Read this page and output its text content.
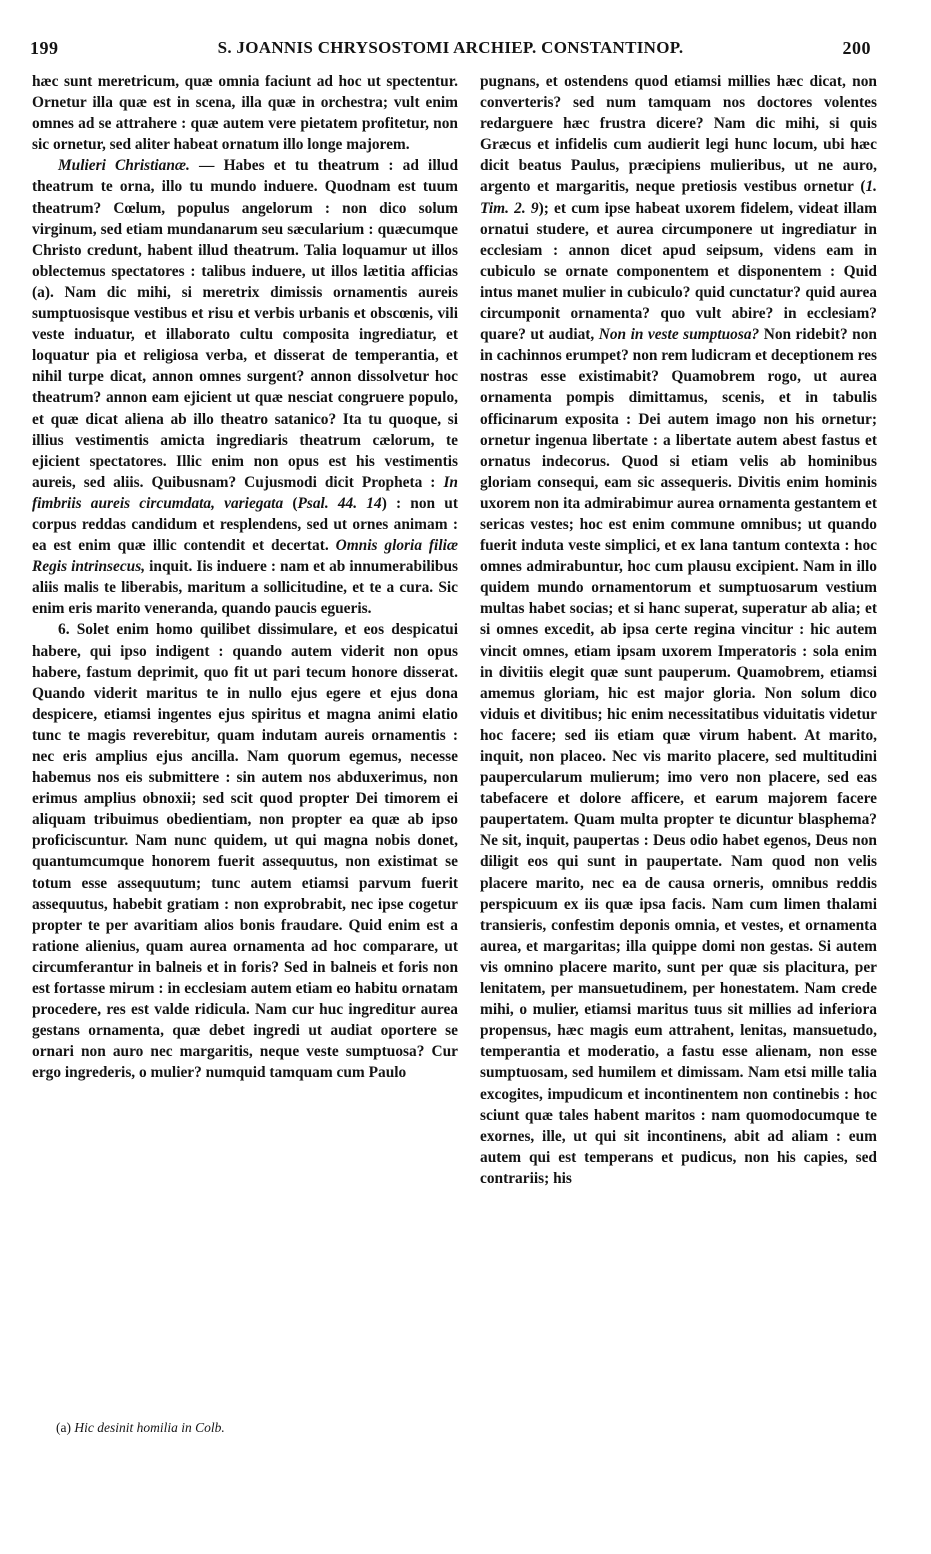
199	S. JOANNIS CHRYSOSTOMI ARCHIEP. CONSTANTINOP.	200

hæc sunt meretricum, quæ omnia faciunt ad hoc ut spectentur. Ornetur illa quæ est in scena, illa quæ in orchestra; vult enim omnes ad se attrahere : quæ autem vere pietatem profitetur, non sic ornetur, sed aliter habeat ornatum illo longe majorem.

Mulieri Christianæ. — Habes et tu theatrum : ad illud theatrum te orna, illo tu mundo induere. Quodnam est tuum theatrum? Cœlum, populus angelorum : non dico solum virginum, sed etiam mundanarum seu sæcularium : quæcumque Christo credunt, habent illud theatrum. Talia loquamur ut illos oblectemus spectatores : talibus induere, ut illos lætitia afficias (a). Nam dic mihi, si meretrix dimissis ornamentis aureis sumptuosisque vestibus et risu et verbis urbanis et obscœnis, vili veste induatur, et illaborato cultu composita ingrediatur, et loquatur pia et religiosa verba, et disserat de temperantia, et nihil turpe dicat, annon omnes surgent? annon dissolvetur hoc theatrum? annon eam ejicient ut quæ nesciat congruere populo, et quæ dicat aliena ab illo theatro satanico? Ita tu quoque, si illius vestimentis amicta ingrediaris theatrum cælorum, te ejicient spectatores. Illic enim non opus est his vestimentis aureis, sed aliis. Quibusnam? Cujusmodi dicit Propheta : In fimbriis aureis circumdata, variegata (Psal. 44. 14) : non ut corpus reddas candidum et resplendens, sed ut ornes animam : ea est enim quæ illic contendit et decertat. Omnis gloria filiæ Regis intrinsecus, inquit. Iis induere : nam et ab innumerabilibus aliis malis te liberabis, maritum a sollicitudine, et te a cura. Sic enim eris marito veneranda, quando paucis egueris.

6. Solet enim homo quilibet dissimulare, et eos despicatui habere, qui ipso indigent : quando autem viderit non opus habere, fastum deprimit, quo fit ut pari tecum honore disserat. Quando viderit maritus te in nullo ejus egere et ejus dona despicere, etiamsi ingentes ejus spiritus et magna animi elatio tunc te magis reverebitur, quam indutam aureis ornamentis : nec eris amplius ejus ancilla. Nam quorum egemus, necesse habemus nos eis submittere : sin autem nos abduxerimus, non erimus amplius obnoxii; sed scit quod propter Dei timorem ei aliquam tribuimus obedientiam, non propter ea quæ ab ipso proficiscuntur. Nam nunc quidem, ut qui magna nobis donet, quantumcumque honorem fuerit assequutus, non existimat se totum esse assequutum; tunc autem etiamsi parvum fuerit assequutus, habebit gratiam : non exprobrabit, nec ipse cogetur propter te per avaritiam alios bonis fraudare. Quid enim est a ratione alienius, quam aurea ornamenta ad hoc comparare, ut circumferantur in balneis et in foris? Sed in balneis et foris non est fortasse mirum : in ecclesiam autem etiam eo habitu ornatam procedere, res est valde ridicula. Nam cur huc ingreditur aurea gestans ornamenta, quæ debet ingredi ut audiat oportere se ornari non auro nec margaritis, neque veste sumptuosa? Cur ergo ingrederis, o mulier? numquid tamquam cum Paulo

(a) Hic desinit homilia in Colb.

pugnans, et ostendens quod etiamsi millies hæc dicat, non converteris? sed num tamquam nos doctores volentes redarguere hæc frustra dicere? Nam dic mihi, si quis Græcus et infidelis cum audierit legi hunc locum, ubi hæc dicit beatus Paulus, præcipiens mulieribus, ut ne auro, argento et margaritis, neque pretiosis vestibus ornetur (1. Tim. 2. 9); et cum ipse habeat uxorem fidelem, videat illam ornatui studere, et aurea circumponere ut ingrediatur in ecclesiam : annon dicet apud seipsum, videns eam in cubiculo se ornate componentem et disponentem : Quid intus manet mulier in cubiculo? quid cunctatur? quid aurea circumponit ornamenta? quo vult abire? in ecclesiam? quare? ut audiat, Non in veste sumptuosa? Non ridebit? non in cachinnos erumpet? non rem ludicram et deceptionem res nostras esse existimabit? Quamobrem rogo, ut aurea ornamenta pompis dimittamus, scenis, et in tabulis officinarum exposita : Dei autem imago non his ornetur; ornetur ingenua libertate : a libertate autem abest fastus et ornatus indecorus. Quod si etiam velis ab hominibus gloriam consequi, eam sic assequeris. Divitis enim hominis uxorem non ita admirabimur aurea ornamenta gestantem et sericas vestes; hoc est enim commune omnibus; ut quando fuerit induta veste simplici, et ex lana tantum contexta : hoc omnes admirabuntur, hoc cum plausu excipient. Nam in illo quidem mundo ornamentorum et sumptuosarum vestium multas habet socias; et si hanc superat, superatur ab alia; et si omnes excedit, ab ipsa certe regina vincitur : hic autem vincit omnes, etiam ipsam uxorem Imperatoris : sola enim in divitiis elegit quæ sunt pauperum. Quamobrem, etiamsi amemus gloriam, hic est major gloria. Non solum dico viduis et divitibus; hic enim necessitatibus viduitatis videtur hoc facere; sed iis etiam quæ virum habent. At marito, inquit, non placeo. Nec vis marito placere, sed multitudini paupercularum mulierum; imo vero non placere, sed eas tabefacere et dolore afficere, et earum majorem facere paupertatem. Quam multa propter te dicuntur blasphema? Ne sit, inquit, paupertas : Deus odio habet egenos, Deus non diligit eos qui sunt in paupertate. Nam quod non velis placere marito, nec ea de causa orneris, omnibus reddis perspicuum ex iis quæ ipsa facis. Nam cum limen thalami transieris, confestim deponis omnia, et vestes, et ornamenta aurea, et margaritas; illa quippe domi non gestas. Si autem vis omnino placere marito, sunt per quæ sis placitura, per lenitatem, per mansuetudinem, per honestatem. Nam crede mihi, o mulier, etiamsi maritus tuus sit millies ad inferiora propensus, hæc magis eum attrahent, lenitas, mansuetudo, temperantia et moderatio, a fastu esse alienam, non esse sumptuosam, sed humilem et dimissam. Nam etsi mille talia excogites, impudicum et incontinentem non continebis : hoc sciunt quæ tales habent maritos : nam quomodocumque te exornes, ille, ut qui sit incontinens, abit ad aliam : eum autem qui est temperans et pudicus, non his capies, sed contrariis; his
